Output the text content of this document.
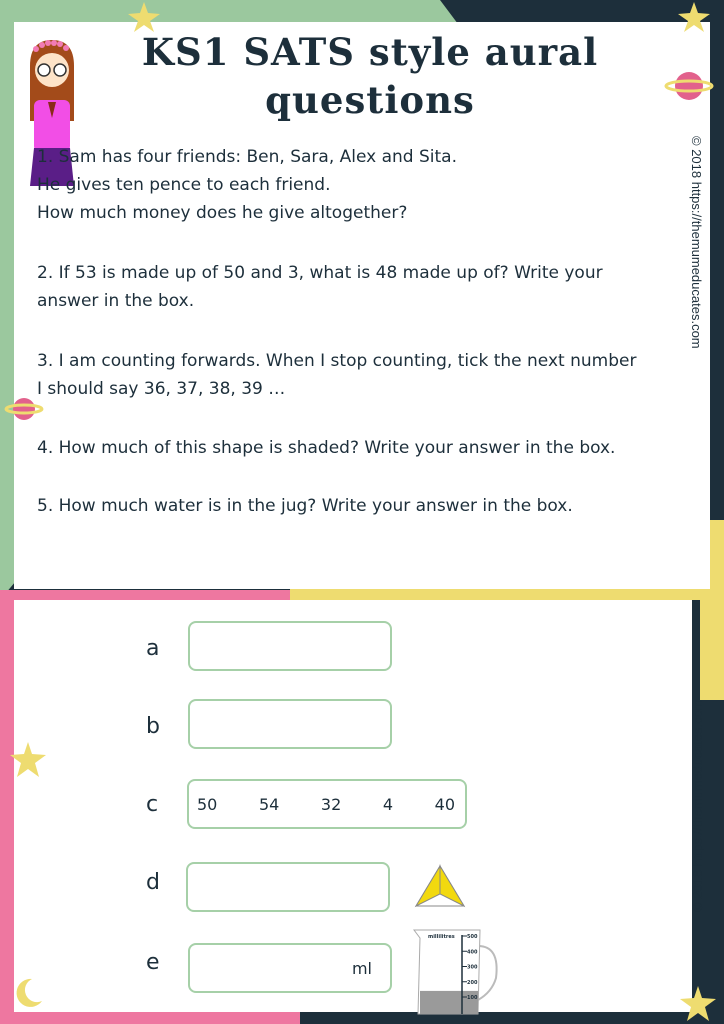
KS1 SATS style aural
questions
1. Sam has four friends: Ben, Sara, Alex and Sita.
He gives ten pence to each friend.
How much money does he give altogether?
2. If 53 is made up of 50 and 3, what is 48 made up of? Write your
answer in the box.
3. I am counting forwards. When I stop counting, tick the next number
I should say 36, 37, 38, 39 …
4. How much of this shape is shaded? Write your answer in the box.
5. How much water is in the jug? Write your answer in the box.
© 2018 https://themumeducates.com
© 2018 https://themumeducates.com
a
b
c 50	54	32	4	40
d
e	ml
millilitres 500
400
300
200
100
